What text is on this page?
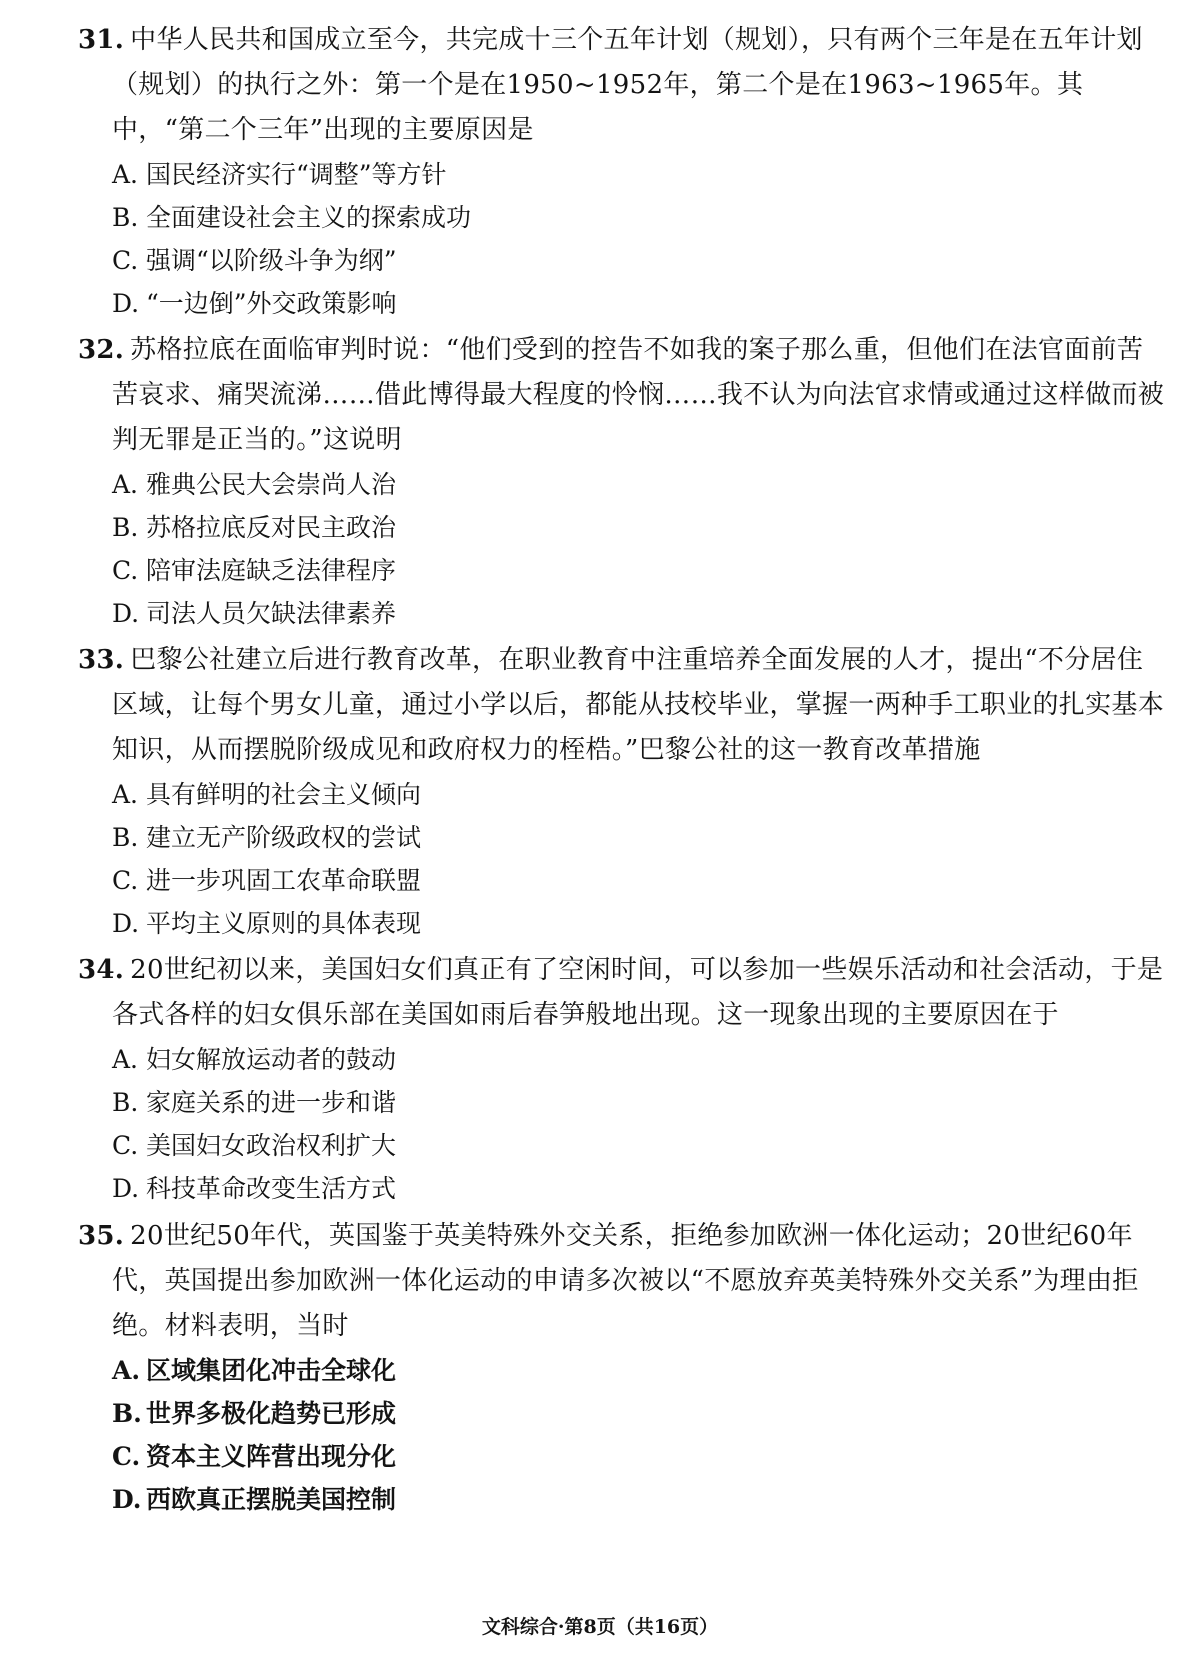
31. 中华人民共和国成立至今，共完成十三个五年计划（规划），只有两个三年是在五年计划（规划）的执行之外：第一个是在1950~1952年，第二个是在1963~1965年。其中，“第二个三年”出现的主要原因是

A. 国民经济实行“调整”等方针
B. 全面建设社会主义的探索成功
C. 强调“以阶级斗争为纲”
D. “一边倒”外交政策影响

32. 苏格拉底在面临审判时说：“他们受到的控告不如我的案子那么重，但他们在法官面前苦苦哀求、痛哭流涕……借此博得最大程度的怜悯……我不认为向法官求情或通过这样做而被判无罪是正当的。”这说明

A. 雅典公民大会崇尚人治
B. 苏格拉底反对民主政治
C. 陪审法庭缺乏法律程序
D. 司法人员欠缺法律素养

33. 巴黎公社建立后进行教育改革，在职业教育中注重培养全面发展的人才，提出“不分居住区域，让每个男女儿童，通过小学以后，都能从技校毕业，掌握一两种手工职业的扎实基本知识，从而摆脱阶级成见和政府权力的桎梏。”巴黎公社的这一教育改革措施

A. 具有鲜明的社会主义倾向
B. 建立无产阶级政权的尝试
C. 进一步巩固工农革命联盟
D. 平均主义原则的具体表现

34. 20世纪初以来，美国妇女们真正有了空闲时间，可以参加一些娱乐活动和社会活动，于是各式各样的妇女俱乐部在美国如雨后春笋般地出现。这一现象出现的主要原因在于

A. 妇女解放运动者的鼓动
B. 家庭关系的进一步和谐
C. 美国妇女政治权利扩大
D. 科技革命改变生活方式

35. 20世纪50年代，英国鉴于英美特殊外交关系，拒绝参加欧洲一体化运动；20世纪60年代，英国提出参加欧洲一体化运动的申请多次被以“不愿放弃英美特殊外交关系”为理由拒绝。材料表明，当时

A. 区域集团化冲击全球化
B. 世界多极化趋势已形成
C. 资本主义阵营出现分化
D. 西欧真正摆脱美国控制
文科综合·第8页（共16页）
